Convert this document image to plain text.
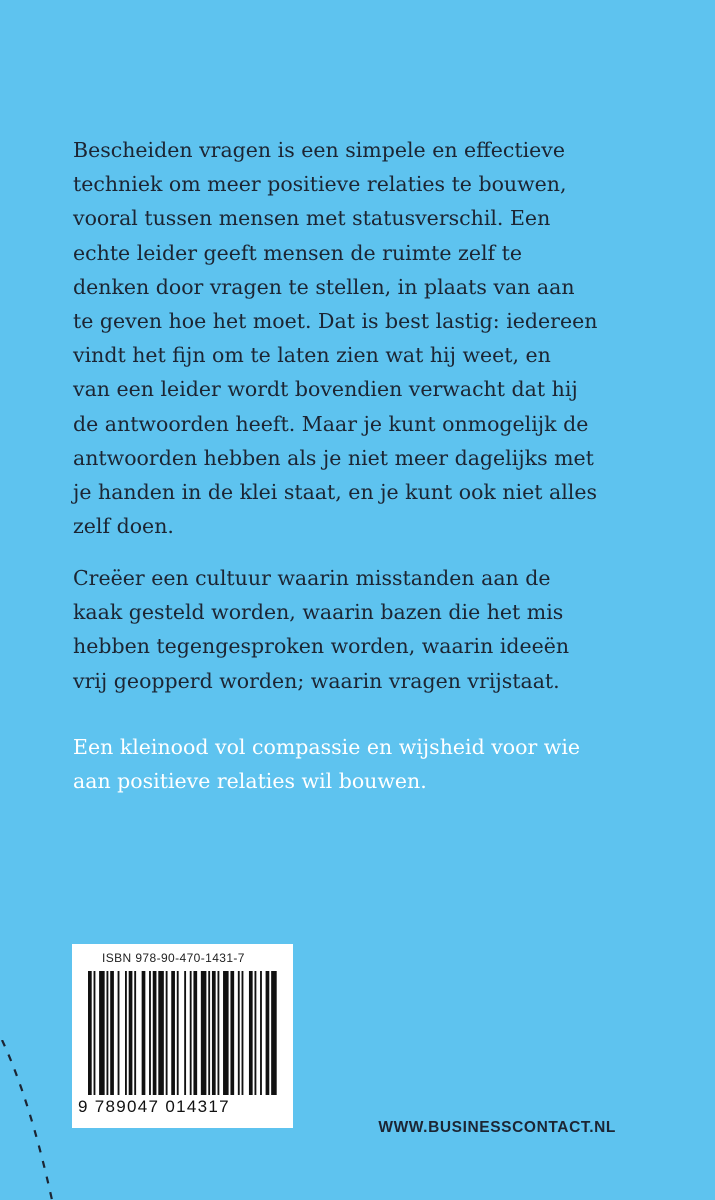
Bescheiden vragen is een simpele en effectieve
techniek om meer positieve relaties te bouwen,
vooral tussen mensen met statusverschil. Een
echte leider geeft mensen de ruimte zelf te
denken door vragen te stellen, in plaats van aan
te geven hoe het moet. Dat is best lastig: iedereen
vindt het fijn om te laten zien wat hij weet, en
van een leider wordt bovendien verwacht dat hij
de antwoorden heeft. Maar je kunt onmogelijk de
antwoorden hebben als je niet meer dagelijks met
je handen in de klei staat, en je kunt ook niet alles
zelf doen.
Creëer een cultuur waarin misstanden aan de
kaak gesteld worden, waarin bazen die het mis
hebben tegengesproken worden, waarin ideeën
vrij geopperd worden; waarin vragen vrijstaat.
Een kleinood vol compassie en wijsheid voor wie
aan positieve relaties wil bouwen.
ISBN 978-90-470-1431-7
9 789047 014317
WWW.BUSINESSCONTACT.NL
